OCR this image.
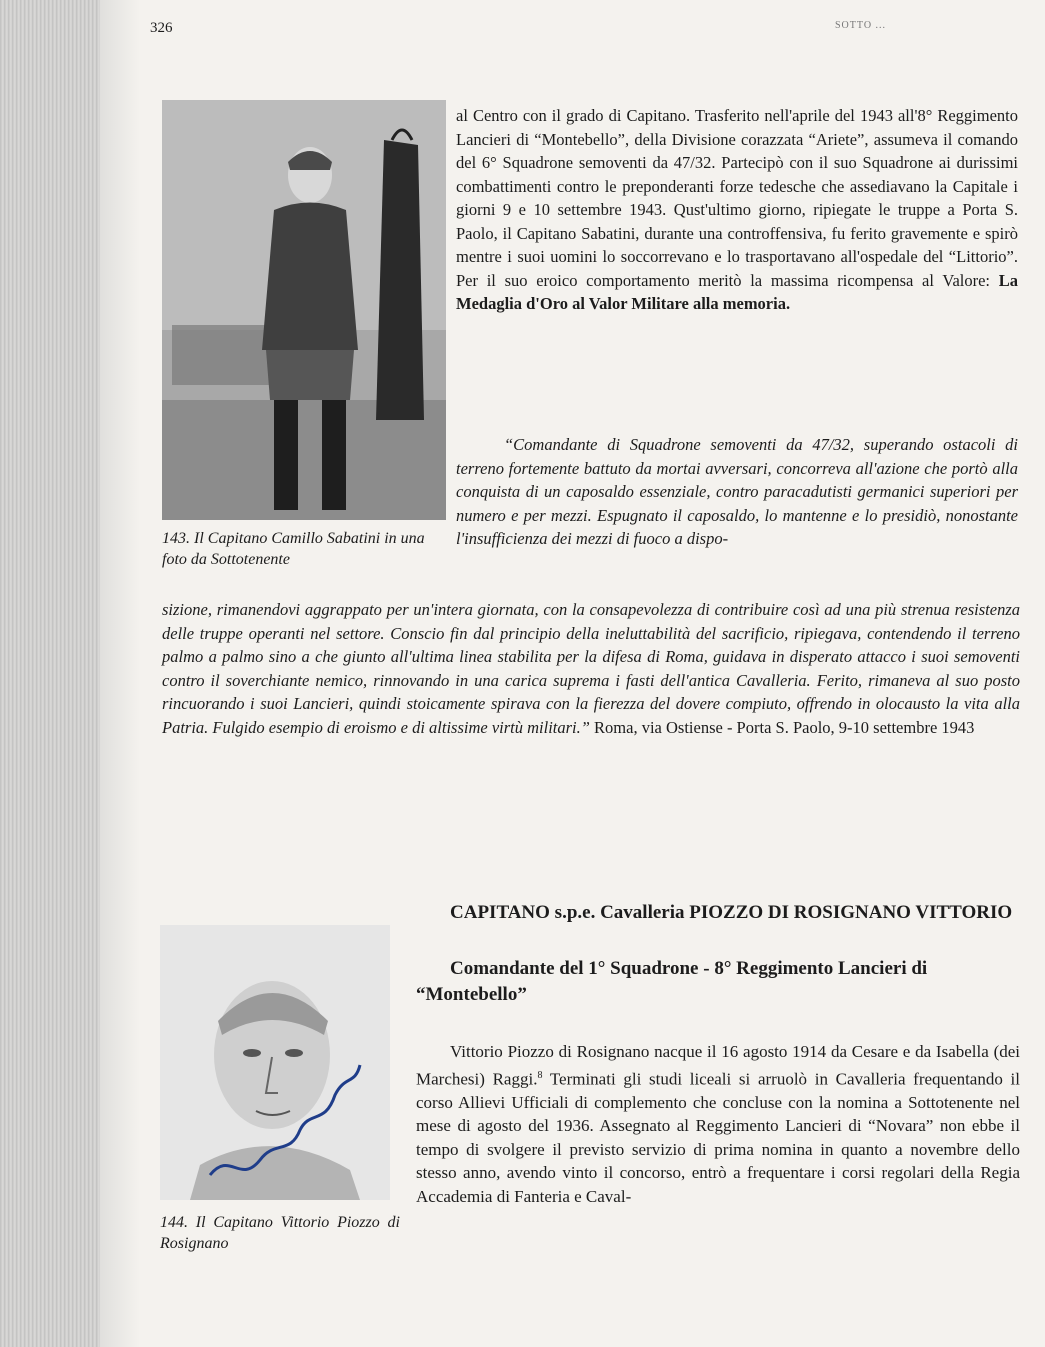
326	SOTTO ...
143. Il Capitano Camillo Sabatini in una foto da Sottotenente

al Centro con il grado di Capitano. Trasferito nell'aprile del 1943 all'8° Reggimento Lancieri di “Montebello”, della Divisione corazzata “Ariete”, assumeva il comando del 6° Squadrone semoventi da 47/32. Partecipò con il suo Squadrone ai durissimi combattimenti contro le preponderanti forze tedesche che assediavano la Capitale i giorni 9 e 10 settembre 1943. Qust'ultimo giorno, ripiegate le truppe a Porta S. Paolo, il Capitano Sabatini, durante una controffensiva, fu ferito gravemente e spirò mentre i suoi uomini lo soccorrevano e lo trasportavano all'ospedale del “Littorio”. Per il suo eroico comportamento meritò la massima ricompensa al Valore: La Medaglia d'Oro al Valor Militare alla memoria.

“Comandante di Squadrone semoventi da 47/32, superando ostacoli di terreno fortemente battuto da mortai avversari, concorreva all'azione che portò alla conquista di un caposaldo essenziale, contro paracadutisti germanici superiori per numero e per mezzi. Espugnato il caposaldo, lo mantenne e lo presidiò, nonostante l'insufficienza dei mezzi di fuoco a dispo-

sizione, rimanendovi aggrappato per un'intera giornata, con la consapevolezza di contribuire così ad una più strenua resistenza delle truppe operanti nel settore. Conscio fin dal principio della ineluttabilità del sacrificio, ripiegava, contendendo il terreno palmo a palmo sino a che giunto all'ultima linea stabilita per la difesa di Roma, guidava in disperato attacco i suoi semoventi contro il soverchiante nemico, rinnovando in una carica suprema i fasti dell'antica Cavalleria. Ferito, rimaneva al suo posto rincuorando i suoi Lancieri, quindi stoicamente spirava con la fierezza del dovere compiuto, offrendo in olocausto la vita alla Patria. Fulgido esempio di eroismo e di altissime virtù militari.” Roma, via Ostiense - Porta S. Paolo, 9-10 settembre 1943

144. Il Capitano Vittorio Piozzo di Rosignano
CAPITANO s.p.e. Cavalleria PIOZZO DI ROSIGNANO VITTORIO
Comandante del 1° Squadrone - 8° Reggimento Lancieri di “Montebello”

Vittorio Piozzo di Rosignano nacque il 16 agosto 1914 da Cesare e da Isabella (dei Marchesi) Raggi.$^8$ Terminati gli studi liceali si arruolò in Cavalleria frequentando il corso Allievi Ufficiali di complemento che concluse con la nomina a Sottotenente nel mese di agosto del 1936. Assegnato al Reggimento Lancieri di “Novara” non ebbe il tempo di svolgere il previsto servizio di prima nomina in quanto a novembre dello stesso anno, avendo vinto il concorso, entrò a frequentare i corsi regolari della Regia Accademia di Fanteria e Caval-
